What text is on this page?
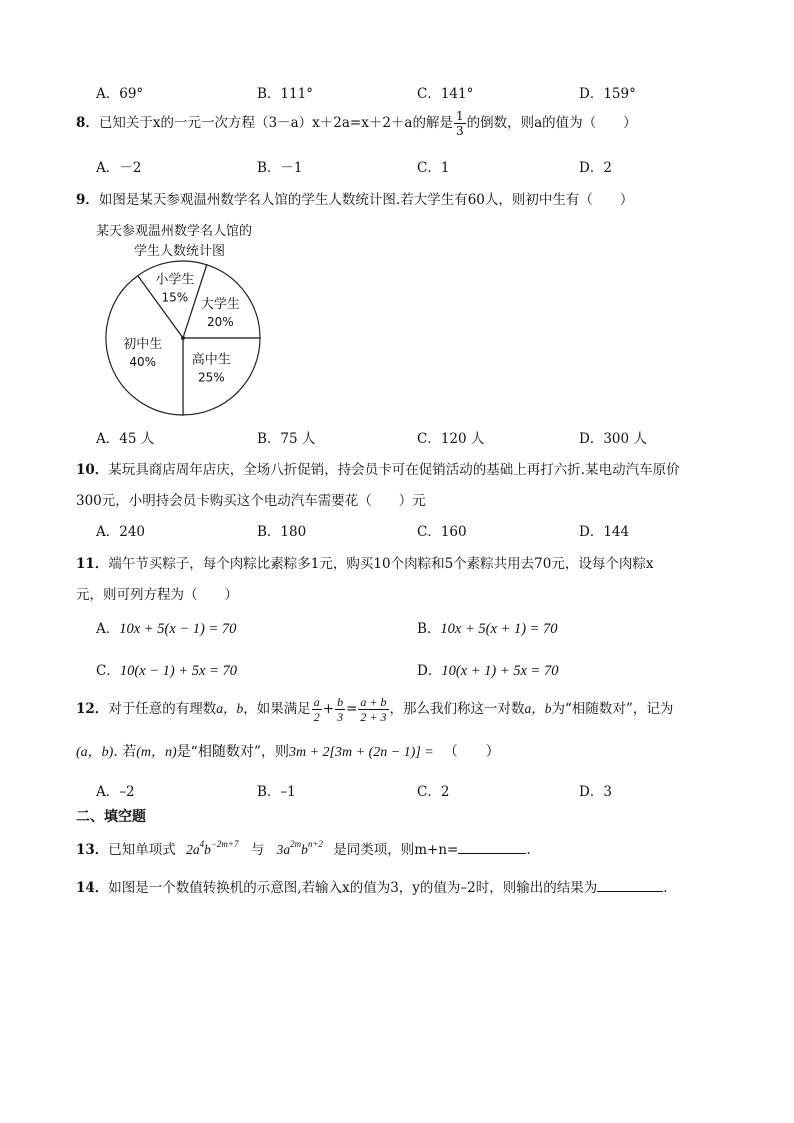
A．69°	B．111°	C．141°	D．159°
8．已知关于x的一元一次方程（3－a）x＋2a=x＋2＋a的解是 $\frac{1}{3}$ 的倒数，则a的值为（　　）
A．－2	B．－1	C．1	D．2
9．如图是某天参观温州数学名人馆的学生人数统计图.若大学生有60人，则初中生有（　　）
某天参观温州数学名人馆的
学生人数统计图
小学生
15% 大学生
20%
高中生
25%
初中生
40%
A．45 人	B．75 人	C．120 人	D．300 人
10．某玩具商店周年店庆，全场八折促销，持会员卡可在促销活动的基础上再打六折.某电动汽车原价
300元，小明持会员卡购买这个电动汽车需要花（　　）元
A．240	B．180	C．160	D．144
11．端午节买粽子，每个肉粽比素粽多1元，购买10个肉粽和5个素粽共用去70元，设每个肉粽x
元，则可列方程为（　　）
A．10x + 5(x − 1) = 70	B．10x + 5(x + 1) = 70
C．10(x − 1) + 5x = 70	D．10(x + 1) + 5x = 70
12．对于任意的有理数a，b，如果满足 $\frac{a}{2} + \frac{b}{3} = \frac{a + b}{2 + 3}$ ，那么我们称这一对数a，b为“相随数对”，记为
(a，b). 若(m，n)是“相随数对”，则3m + 2[3m + (2n − 1)] = （　　）
A．–2	B．–1	C．2	D．3
二、填空题
13．已知单项式 $2a^4b^{-2m+7}$ 与 $3a^{2m}b^{n+2}$ 是同类项，则m+n=	.
14．如图是一个数值转换机的示意图,若输入x的值为3，y的值为–2时，则输出的结果为	.
